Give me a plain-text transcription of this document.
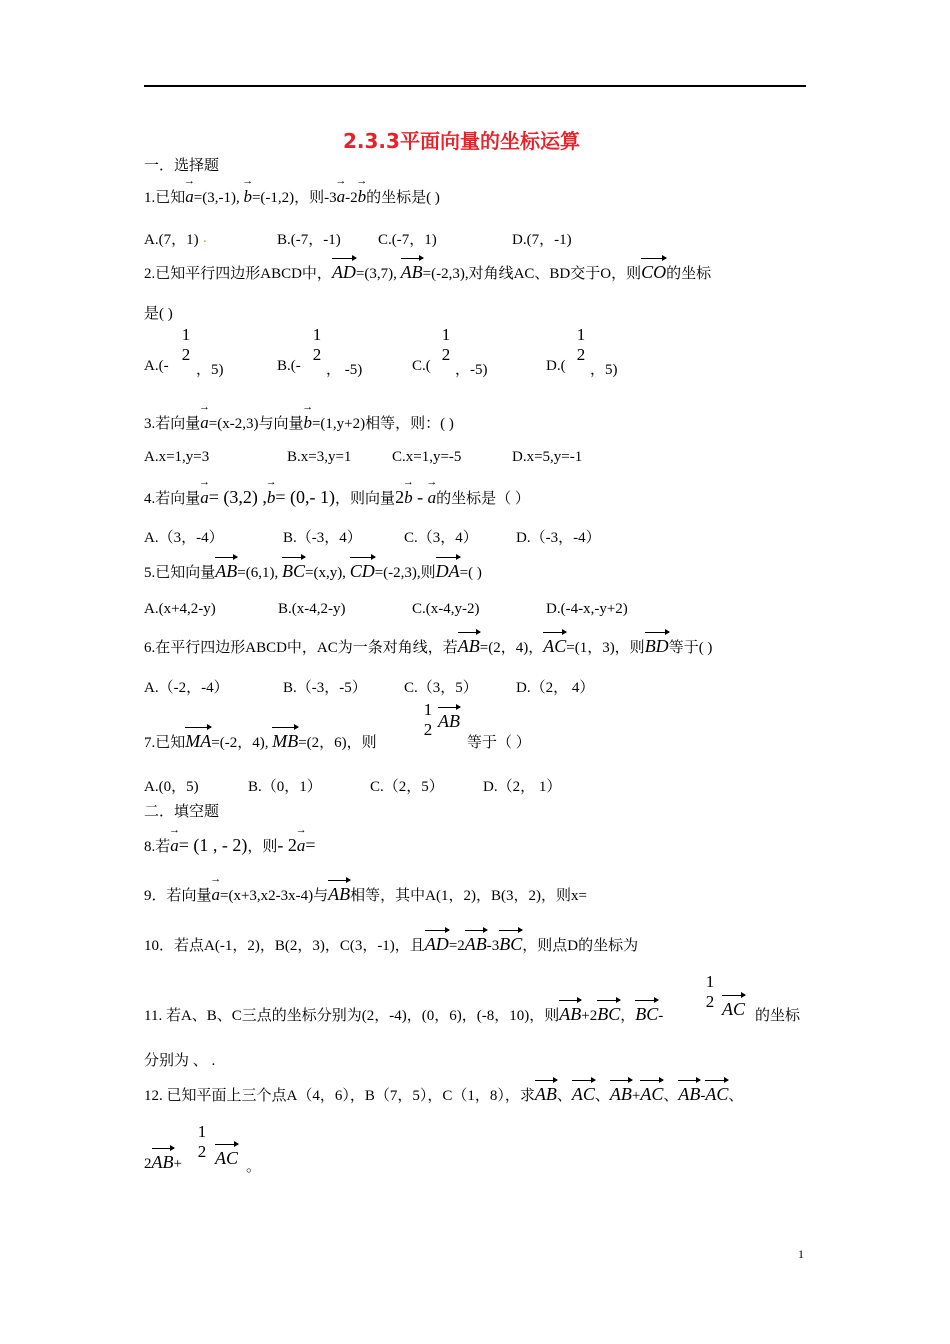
2.3.3平面向量的坐标运算
一．选择题
1.已知a →=(3,-1), b →=(-1,2)，则-3a →-2b →的坐标是( )
A.(7，1) .	B.(-7，-1) C.(-7，1)	D.(7，-1)
2.已知平行四边形ABCD中，AD=(3,7), AB=(-2,3),对角线AC、BD交于O，则CO的坐标
是( )
A.(-
1
2
，5)	B.(-
1
2
， -5)	C.(
1
2
，-5)	D.(
1
2
，5)
3.若向量a →=(x-2,3)与向量b →=(1,y+2)相等，则：( )
A.x=1,y=3	B.x=3,y=1	C.x=1,y=-5	D.x=5,y=-1
4.若向量a →= (3,2) ,b →= (0,- 1)，则向量2b → - a →的坐标是（ ）
A.（3，-4）	B.（-3，4）	C.（3，4）	D.（-3，-4）
5.已知向量AB=(6,1), BC=(x,y), CD=(-2,3),则DA=( )
A.(x+4,2-y)	B.(x-4,2-y)	C.(x-4,y-2)	D.(-4-x,-y+2)
6.在平行四边形ABCD中，AC为一条对角线，若AB=(2，4)，AC=(1，3)，则BD等于( )
A.（-2，-4）	B.（-3，-5） C.（3，5）	D.（2， 4）
7.已知MA=(-2，4), MB=(2，6)，则
1
2 AB
等于（ ）
A.(0，5)	B.（0，1）	C.（2，5）	D.（2， 1）
二．填空题
8.若a →= (1 , - 2)，则- 2a →=
9．若向量a →=(x+3,x2-3x-4)与AB相等，其中A(1，2)，B(3，2)，则x=
10．若点A(-1，2)，B(2，3)，C(3，-1)，且AD=2AB-3BC，则点D的坐标为
11. 若A、B、C三点的坐标分别为(2，-4)，(0，6)，(-8，10)，则AB+2BC，BC-
1
2 AC 的坐标
分别为 、 .
12. 已知平面上三个点A（4，6），B（7，5），C（1，8），求AB、AC、AB+AC、AB-AC、
2AB+
1
2 AC 。
1
